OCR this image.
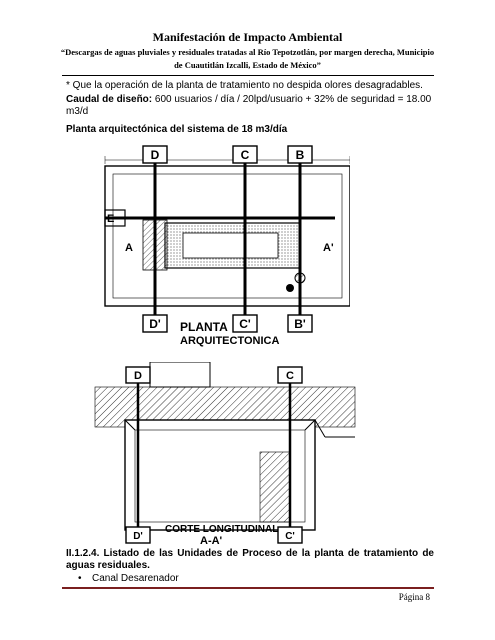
Manifestación de Impacto Ambiental
“Descargas de aguas pluviales y residuales tratadas al Río Tepotzotlán, por margen derecha, Municipio
de Cuautitlán Izcalli, Estado de México”
* Que la operación de la planta de tratamiento no despida olores desagradables.
Caudal de diseño: 600 usuarios / día / 20lpd/usuario + 32% de seguridad = 18.00 m3/d
Planta arquitectónica del sistema de 18 m3/día
D	C	B
D'	C'	B'
A	A'
E
PLANTA
ARQUITECTONICA
D	C
D'	C'
CORTE LONGITUDINAL
A-A'
II.1.2.4. Listado de las Unidades de Proceso de la planta de tratamiento de aguas residuales.
• Canal Desarenador
Página 8
